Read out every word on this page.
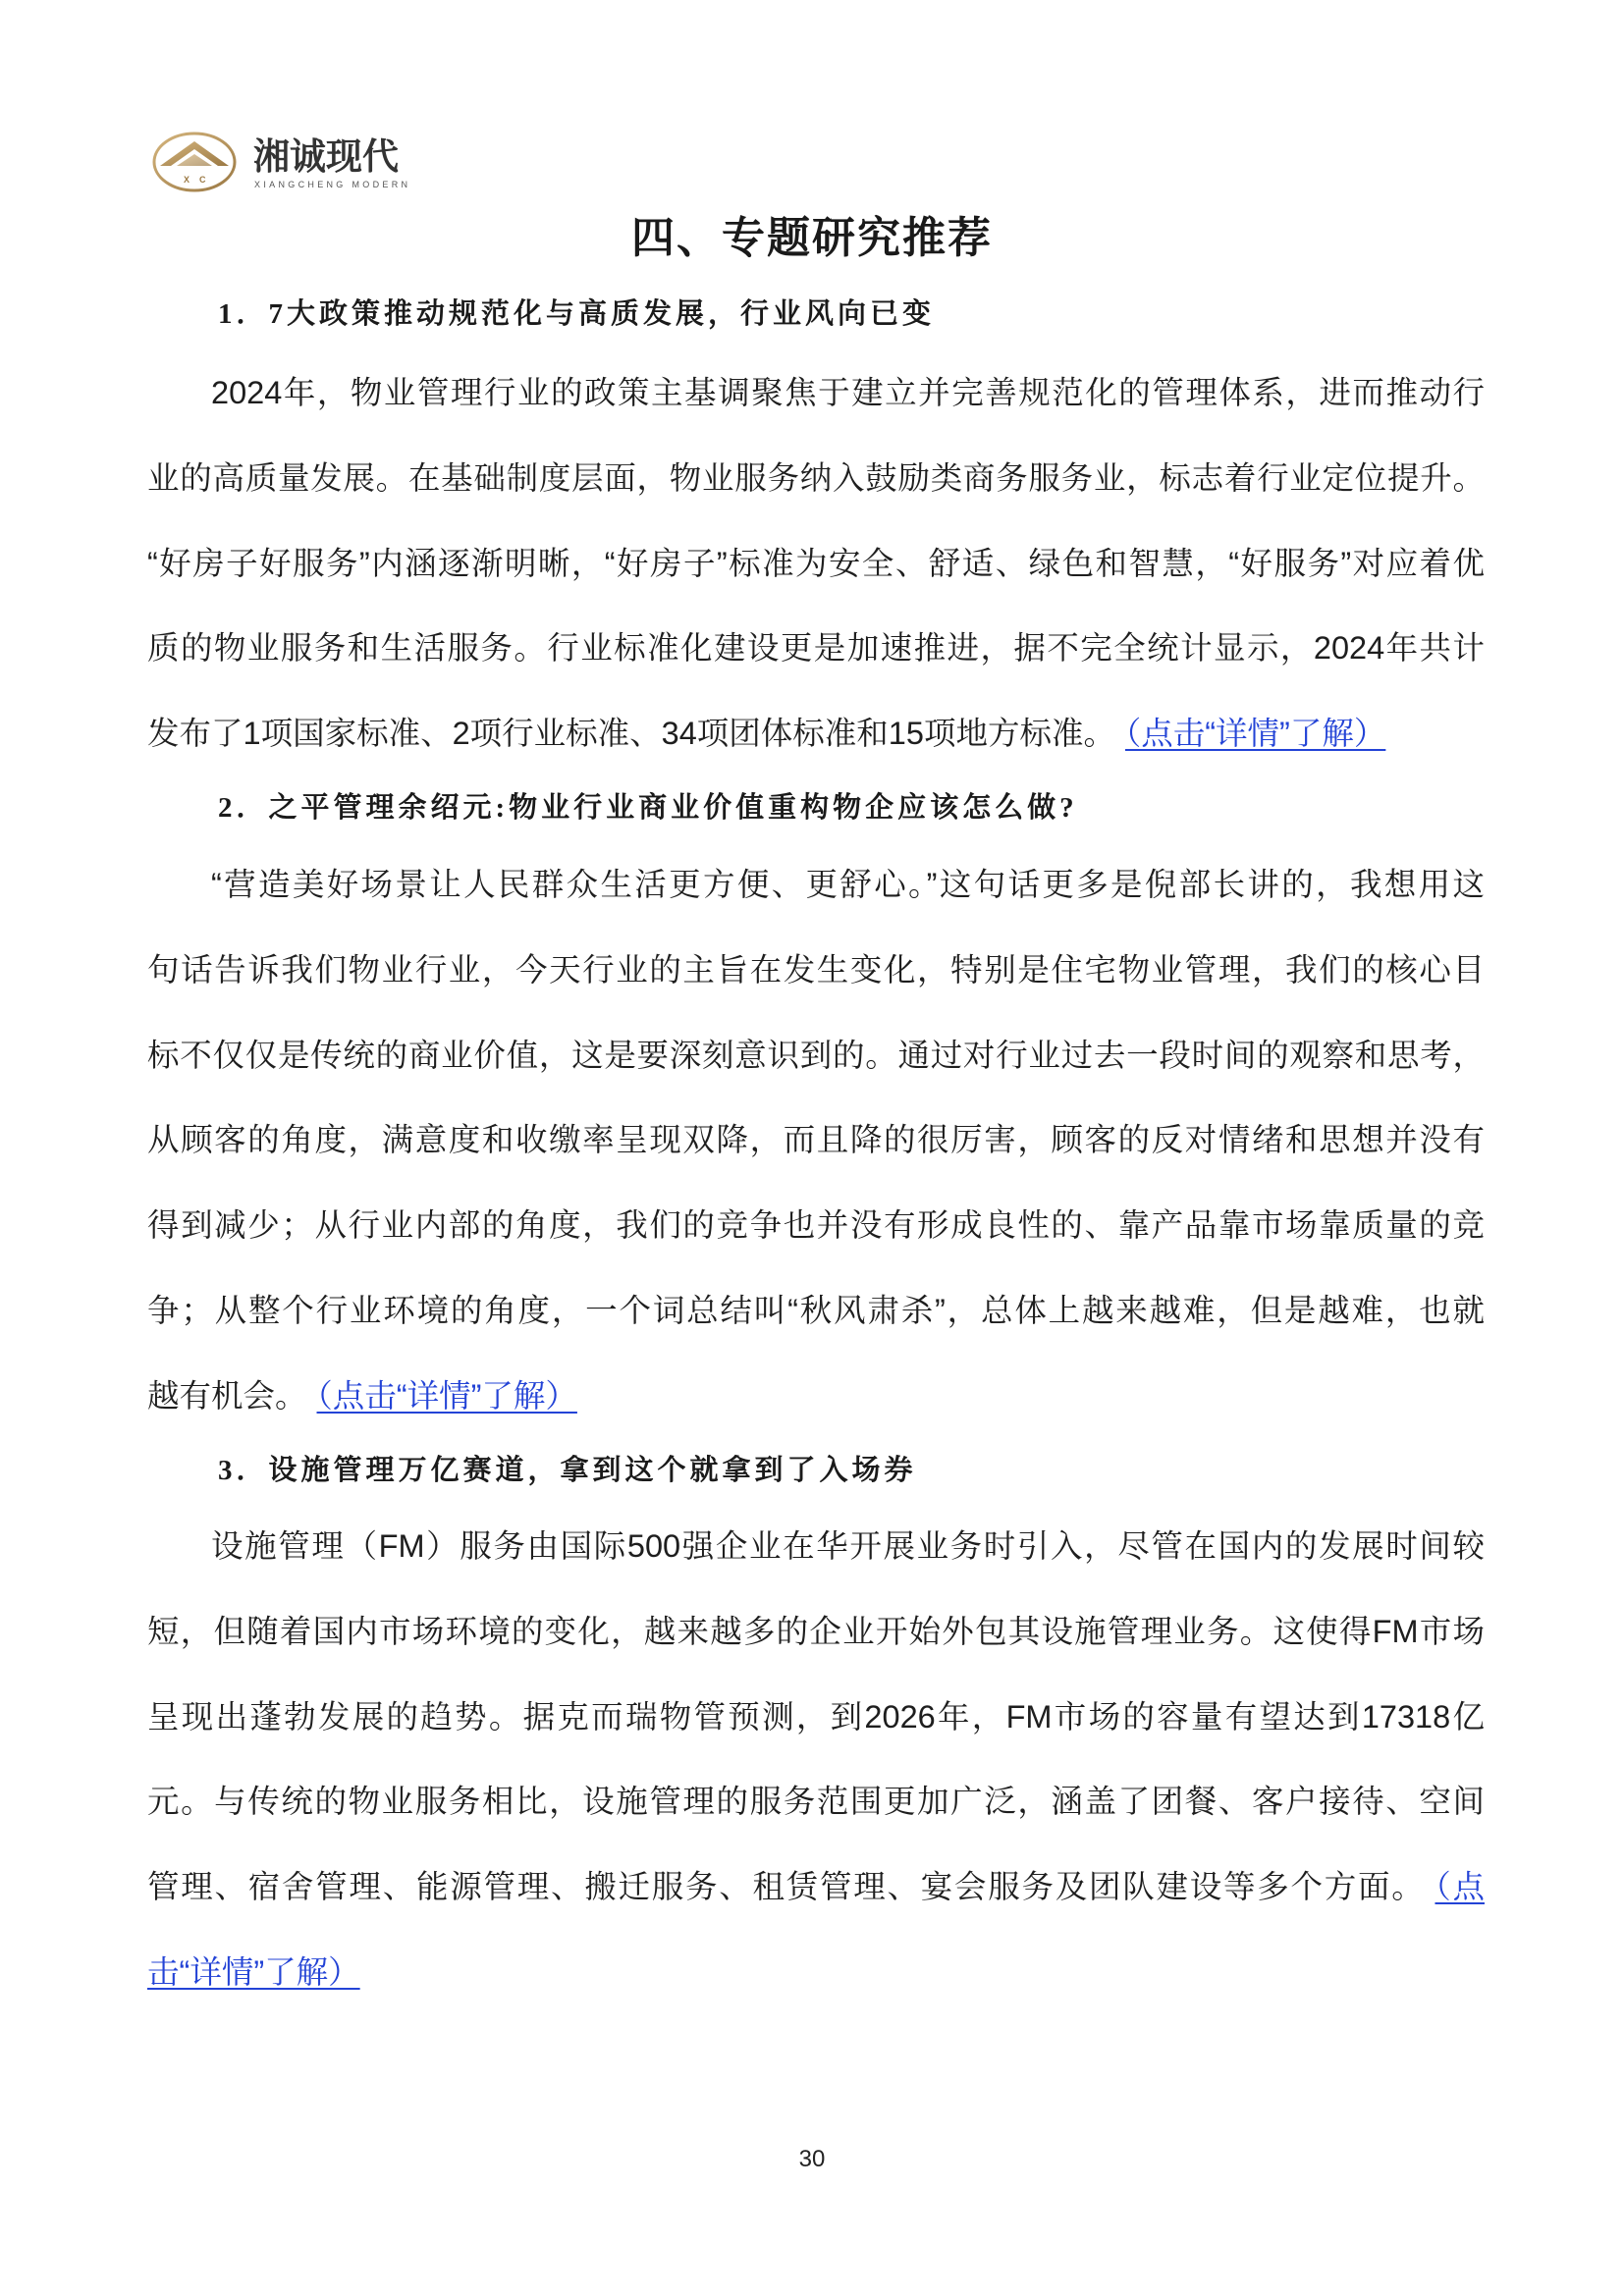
X C
湘诚现代
XIANGCHENG MODERN
四、专题研究推荐
1．7大政策推动规范化与高质发展，行业风向已变
2024年，物业管理行业的政策主基调聚焦于建立并完善规范化的管理体系，进而推动行
业的高质量发展。在基础制度层面，物业服务纳入鼓励类商务服务业，标志着行业定位提升。
“好房子好服务”内涵逐渐明晰，“好房子”标准为安全、舒适、绿色和智慧，“好服务”对应着优
质的物业服务和生活服务。行业标准化建设更是加速推进，据不完全统计显示，2024年共计
发布了1项国家标准、2项行业标准、34项团体标准和15项地方标准。 （点击“详情”了解）
2．之平管理余绍元:物业行业商业价值重构物企应该怎么做?
“营造美好场景让人民群众生活更方便、更舒心。”这句话更多是倪部长讲的，我想用这
句话告诉我们物业行业，今天行业的主旨在发生变化，特别是住宅物业管理，我们的核心目
标不仅仅是传统的商业价值，这是要深刻意识到的。通过对行业过去一段时间的观察和思考，
从顾客的角度，满意度和收缴率呈现双降，而且降的很厉害，顾客的反对情绪和思想并没有
得到减少；从行业内部的角度，我们的竞争也并没有形成良性的、靠产品靠市场靠质量的竞
争；从整个行业环境的角度，一个词总结叫“秋风肃杀”，总体上越来越难，但是越难，也就
越有机会。 （点击“详情”了解）
3．设施管理万亿赛道，拿到这个就拿到了入场券
设施管理（FM）服务由国际500强企业在华开展业务时引入，尽管在国内的发展时间较
短，但随着国内市场环境的变化，越来越多的企业开始外包其设施管理业务。这使得FM市场
呈现出蓬勃发展的趋势。据克而瑞物管预测，到2026年，FM市场的容量有望达到17318亿
元。与传统的物业服务相比，设施管理的服务范围更加广泛，涵盖了团餐、客户接待、空间
管理、宿舍管理、能源管理、搬迁服务、租赁管理、宴会服务及团队建设等多个方面。 （点
击“详情”了解）
30
